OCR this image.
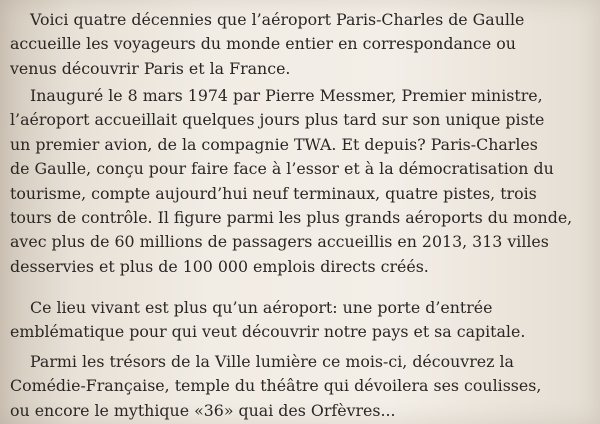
Voici quatre décennies que l’aéroport Paris-Charles de Gaulle
accueille les voyageurs du monde entier en correspondance ou
venus découvrir Paris et la France.

Inauguré le 8 mars 1974 par Pierre Messmer, Premier ministre,
l’aéroport accueillait quelques jours plus tard sur son unique piste
un premier avion, de la compagnie TWA. Et depuis? Paris-Charles
de Gaulle, conçu pour faire face à l’essor et à la démocratisation du
tourisme, compte aujourd’hui neuf terminaux, quatre pistes, trois
tours de contrôle. Il figure parmi les plus grands aéroports du monde,
avec plus de 60 millions de passagers accueillis en 2013, 313 villes
desservies et plus de 100 000 emplois directs créés.

Ce lieu vivant est plus qu’un aéroport: une porte d’entrée
emblématique pour qui veut découvrir notre pays et sa capitale.

Parmi les trésors de la Ville lumière ce mois-ci, découvrez la
Comédie-Française, temple du théâtre qui dévoilera ses coulisses,
ou encore le mythique «36» quai des Orfèvres...
